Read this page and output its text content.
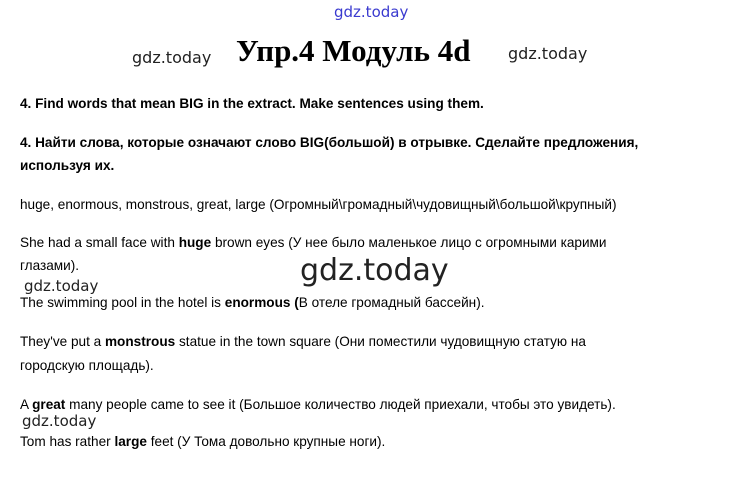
gdz.today
gdz.today	gdz.today
Упр.4 Модуль 4d
4. Find words that mean BIG in the extract. Make sentences using them.
4. Найти слова, которые означают слово BIG(большой) в отрывке. Сделайте предложения,
используя их.
huge, enormous, monstrous, great, large (Огромный\громадный\чудовищный\большой\крупный)
She had a small face with huge brown eyes (У нее было маленькое лицо с огромными карими
глазами).	gdz.today
gdz.today
The swimming pool in the hotel is enormous (В отеле громадный бассейн).
They've put a monstrous statue in the town square (Они поместили чудовищную статую на
городскую площадь).
A great many people came to see it (Большое количество людей приехали, чтобы это увидеть).
gdz.today
Tom has rather large feet (У Тома довольно крупные ноги).
